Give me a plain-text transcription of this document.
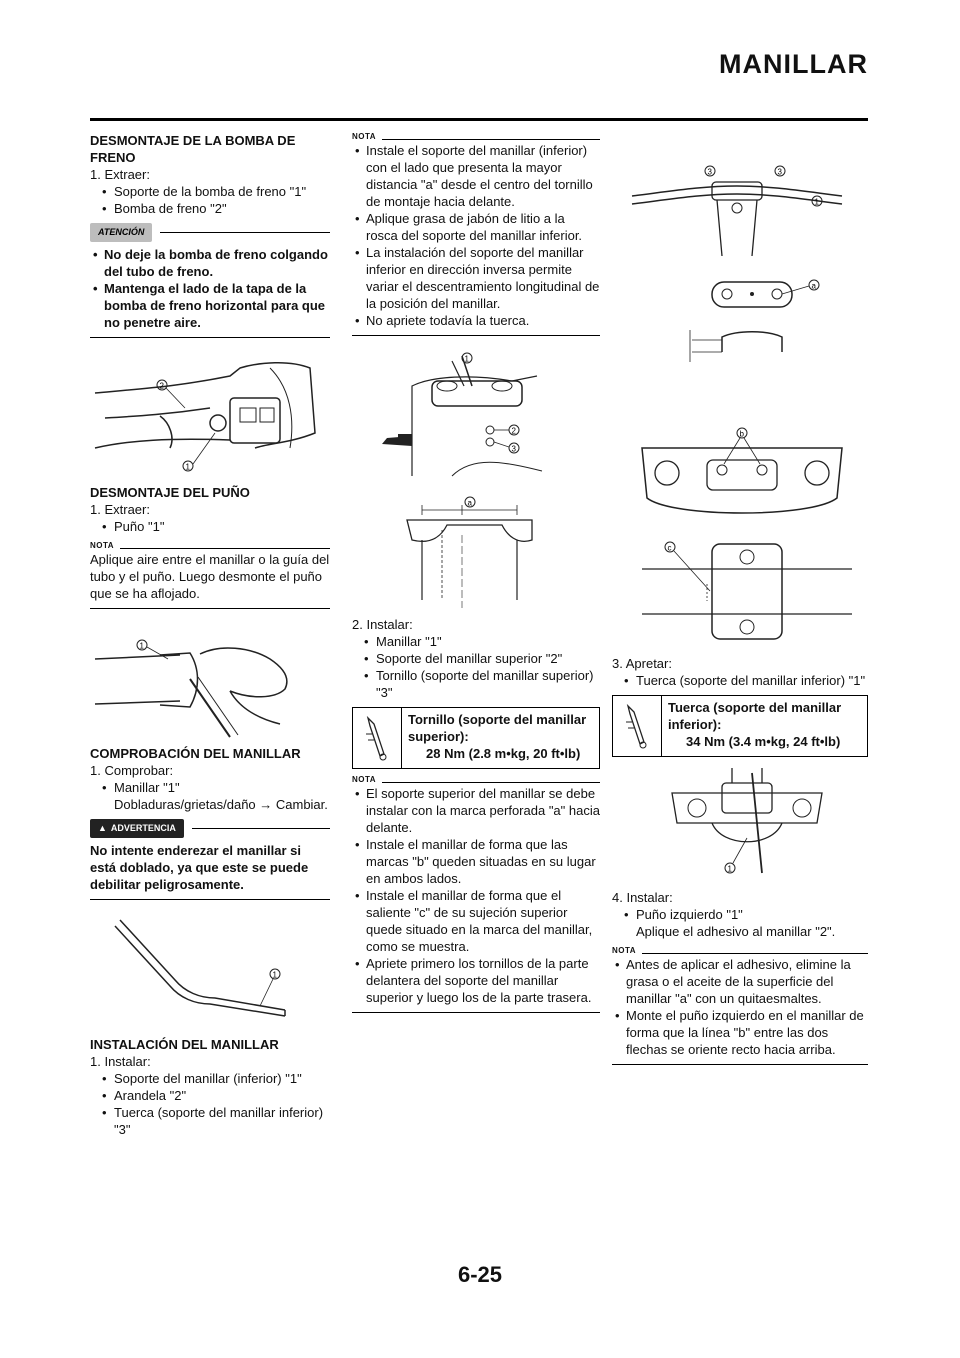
MANILLAR

DESMONTAJE DE LA BOMBA DE FRENO

1. Extraer:

• Soporte de la bomba de freno "1"

• Bomba de freno "2"

ATENCIÓN

• No deje la bomba de freno colgando del tubo de freno.

• Mantenga el lado de la tapa de la bomba de freno horizontal para que no penetre aire.

2
1

DESMONTAJE DEL PUÑO

1. Extraer:

• Puño "1"

NOTA

Aplique aire entre el manillar o la guía del tubo y el puño. Luego desmonte el puño que se ha aflojado.

1

COMPROBACIÓN DEL MANILLAR

1. Comprobar:

• Manillar "1"

Dobladuras/grietas/daño → Cambiar.

▲ ADVERTENCIA

No intente enderezar el manillar si está doblado, ya que este se puede debilitar peligrosamente.

1

INSTALACIÓN DEL MANILLAR

1. Instalar:

• Soporte del manillar (inferior) "1"

• Arandela "2"

• Tuerca (soporte del manillar inferior) "3"

NOTA

• Instale el soporte del manillar (inferior) con el lado que presenta la mayor distancia "a" desde el centro del tornillo de montaje hacia delante.

• Aplique grasa de jabón de litio a la rosca del soporte del manillar inferior.

• La instalación del soporte del manillar inferior en dirección inversa permite variar el descentramiento longitudinal de la posición del manillar.

• No apriete todavía la tuerca.

1
2
3
a

2. Instalar:

• Manillar "1"

• Soporte del manillar superior "2"

• Tornillo (soporte del manillar superior) "3"

Tornillo (soporte del manillar superior):
28 Nm (2.8 m•kg, 20 ft•lb)
NOTA

• El soporte superior del manillar se debe instalar con la marca perforada "a" hacia delante.

• Instale el manillar de forma que las marcas "b" queden situadas en su lugar en ambos lados.

• Instale el manillar de forma que el saliente "c" de su sujeción superior quede situado en la marca del manillar, como se muestra.

• Apriete primero los tornillos de la parte delantera del soporte del manillar superior y luego los de la parte trasera.

3	3
1
a
b
c

3. Apretar:

• Tuerca (soporte del manillar inferior) "1"

Tuerca (soporte del manillar inferior):
34 Nm (3.4 m•kg, 24 ft•lb)
1

4. Instalar:

• Puño izquierdo "1"

Aplique el adhesivo al manillar "2".

NOTA

• Antes de aplicar el adhesivo, elimine la grasa o el aceite de la superficie del manillar "a" con un quitaesmaltes.

• Monte el puño izquierdo en el manillar de forma que la línea "b" entre las dos flechas se oriente recto hacia arriba.

6-25
